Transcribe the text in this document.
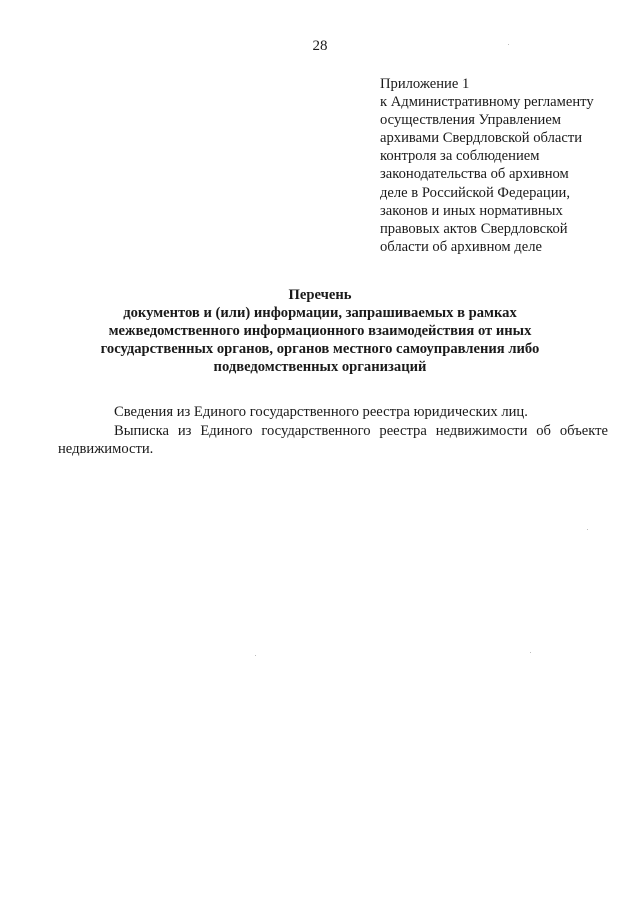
28
Приложение 1
к Административному регламенту
осуществления Управлением
архивами Свердловской области
контроля за соблюдением
законодательства об архивном
деле в Российской Федерации,
законов и иных нормативных
правовых актов Свердловской
области об архивном деле
Перечень
документов и (или) информации, запрашиваемых в рамках
межведомственного информационного взаимодействия от иных
государственных органов, органов местного самоуправления либо
подведомственных организаций
Сведения из Единого государственного реестра юридических лиц.
Выписка из Единого государственного реестра недвижимости об объекте недвижимости.
